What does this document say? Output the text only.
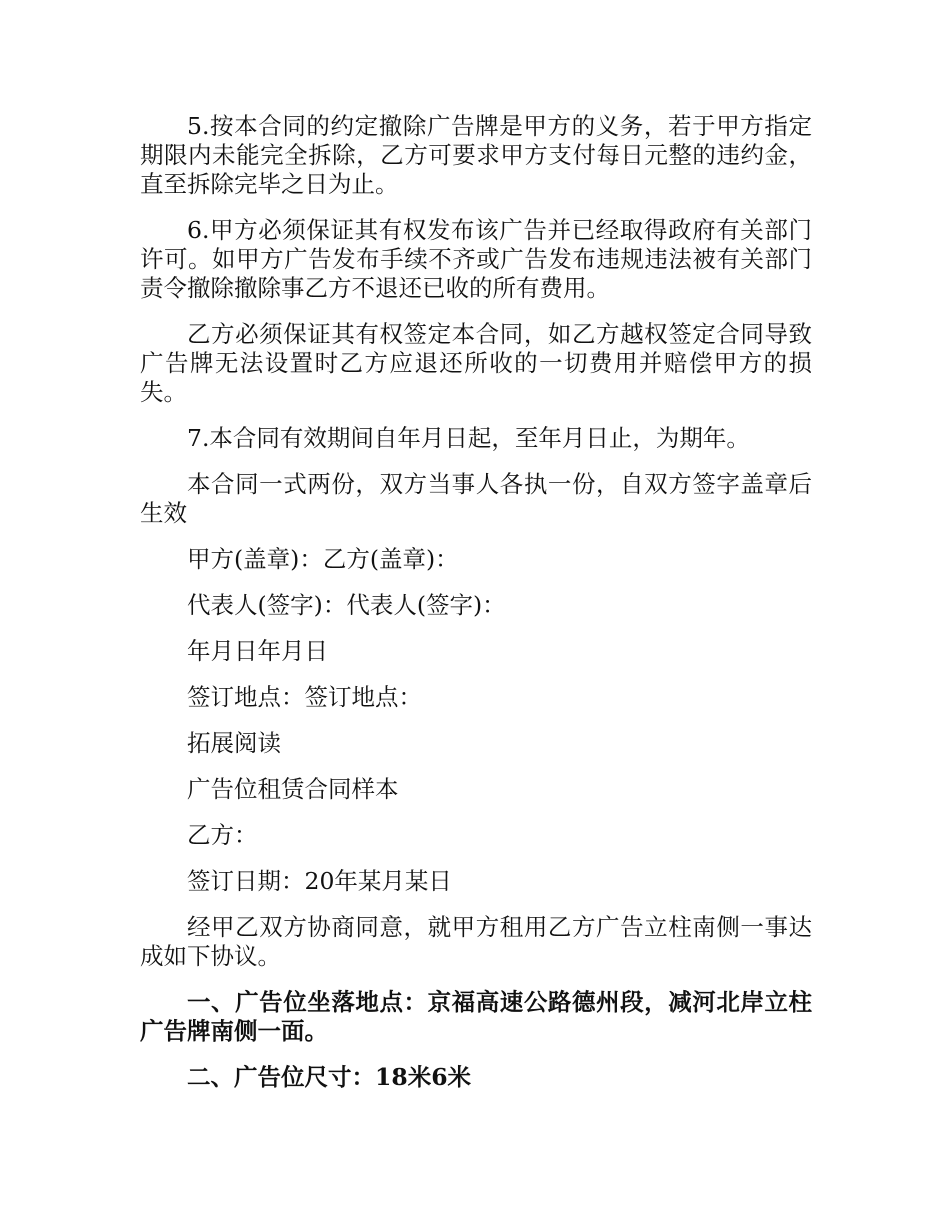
5.按本合同的约定撤除广告牌是甲方的义务，若于甲方指定期限内未能完全拆除，乙方可要求甲方支付每日元整的违约金，直至拆除完毕之日为止。

6.甲方必须保证其有权发布该广告并已经取得政府有关部门许可。如甲方广告发布手续不齐或广告发布违规违法被有关部门责令撤除撤除事乙方不退还已收的所有费用。

乙方必须保证其有权签定本合同，如乙方越权签定合同导致广告牌无法设置时乙方应退还所收的一切费用并赔偿甲方的损失。

7.本合同有效期间自年月日起，至年月日止，为期年。

本合同一式两份，双方当事人各执一份，自双方签字盖章后生效

甲方(盖章)：乙方(盖章)：

代表人(签字)：代表人(签字)：

年月日年月日

签订地点：签订地点：

拓展阅读

广告位租赁合同样本

乙方：

签订日期：20年某月某日

经甲乙双方协商同意，就甲方租用乙方广告立柱南侧一事达成如下协议。

一、广告位坐落地点：京福高速公路德州段，减河北岸立柱广告牌南侧一面。

二、广告位尺寸：18米6米
